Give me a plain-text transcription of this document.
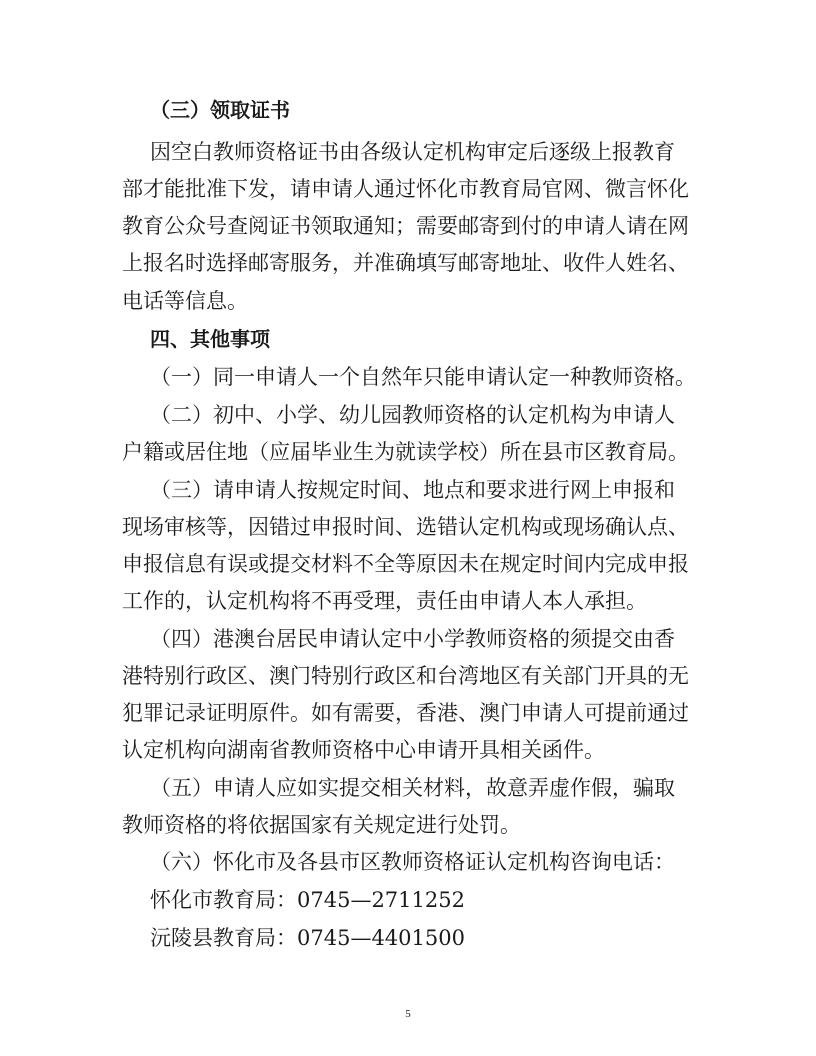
（三）领取证书
因空白教师资格证书由各级认定机构审定后逐级上报教育
部才能批准下发，请申请人通过怀化市教育局官网、微言怀化
教育公众号查阅证书领取通知；需要邮寄到付的申请人请在网
上报名时选择邮寄服务，并准确填写邮寄地址、收件人姓名、
电话等信息。
四、其他事项
（一）同一申请人一个自然年只能申请认定一种教师资格。
（二）初中、小学、幼儿园教师资格的认定机构为申请人
户籍或居住地（应届毕业生为就读学校）所在县市区教育局。
（三）请申请人按规定时间、地点和要求进行网上申报和
现场审核等，因错过申报时间、选错认定机构或现场确认点、
申报信息有误或提交材料不全等原因未在规定时间内完成申报
工作的，认定机构将不再受理，责任由申请人本人承担。
（四）港澳台居民申请认定中小学教师资格的须提交由香
港特别行政区、澳门特别行政区和台湾地区有关部门开具的无
犯罪记录证明原件。如有需要，香港、澳门申请人可提前通过
认定机构向湖南省教师资格中心申请开具相关函件。
（五）申请人应如实提交相关材料，故意弄虚作假，骗取
教师资格的将依据国家有关规定进行处罚。
（六）怀化市及各县市区教师资格证认定机构咨询电话：
怀化市教育局：0745—2711252
沅陵县教育局：0745—4401500
5
